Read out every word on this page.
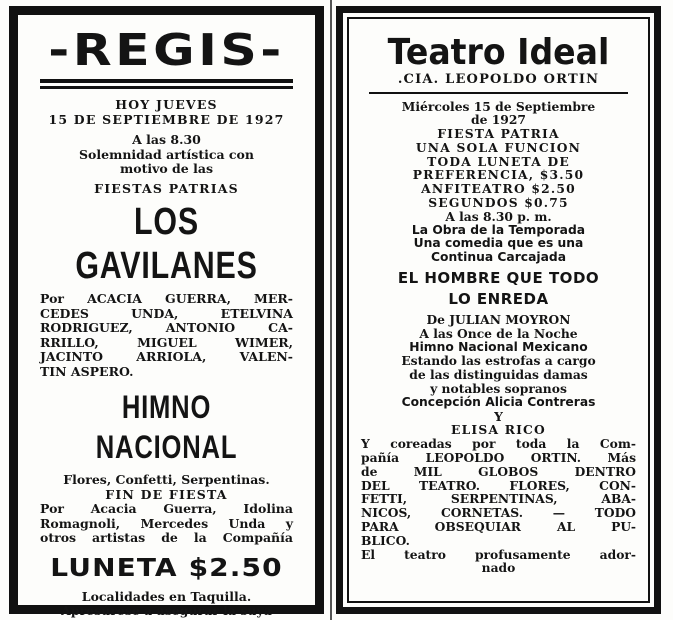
-REGIS-
HOY JUEVES
15 DE SEPTIEMBRE DE 1927
A las 8.30
Solemnidad artística con
motivo de las
FIESTAS PATRIAS
LOS GAVILANES
Por ACACIA GUERRA, MER-
CEDES UNDA, ETELVINA
RODRIGUEZ, ANTONIO CA-
RRILLO, MIGUEL WIMER,
JACINTO ARRIOLA, VALEN-
TIN ASPERO.
HIMNO NACIONAL
Flores, Confetti, Serpentinas.
FIN DE FIESTA
Por Acacia Guerra, Idolina
Romagnoli, Mercedes Unda y
otros artistas de la Compañía
LUNETA $2.50
Localidades en Taquilla.
Apresúrese a asegurar la suya
Teatro Ideal
.CIA. LEOPOLDO ORTIN
Miércoles 15 de Septiembre
de 1927
FIESTA PATRIA
UNA SOLA FUNCION
TODA LUNETA DE
PREFERENCIA, $3.50
ANFITEATRO $2.50
SEGUNDOS $0.75
A las 8.30 p. m.
La Obra de la Temporada
Una comedia que es una
Continua Carcajada
EL HOMBRE QUE TODO
LO ENREDA
De JULIAN MOYRON
A las Once de la Noche
Himno Nacional Mexicano
Estando las estrofas a cargo
de las distinguidas damas
y notables sopranos
Concepción Alicia Contreras
Y
ELISA RICO
Y coreadas por toda la Com-
pañía LEOPOLDO ORTIN. Más
de MIL GLOBOS DENTRO
DEL TEATRO. FLORES, CON-
FETTI, SERPENTINAS, ABA-
NICOS, CORNETAS. — TODO
PARA OBSEQUIAR AL PU-
BLICO.
El teatro profusamente ador-
nado
